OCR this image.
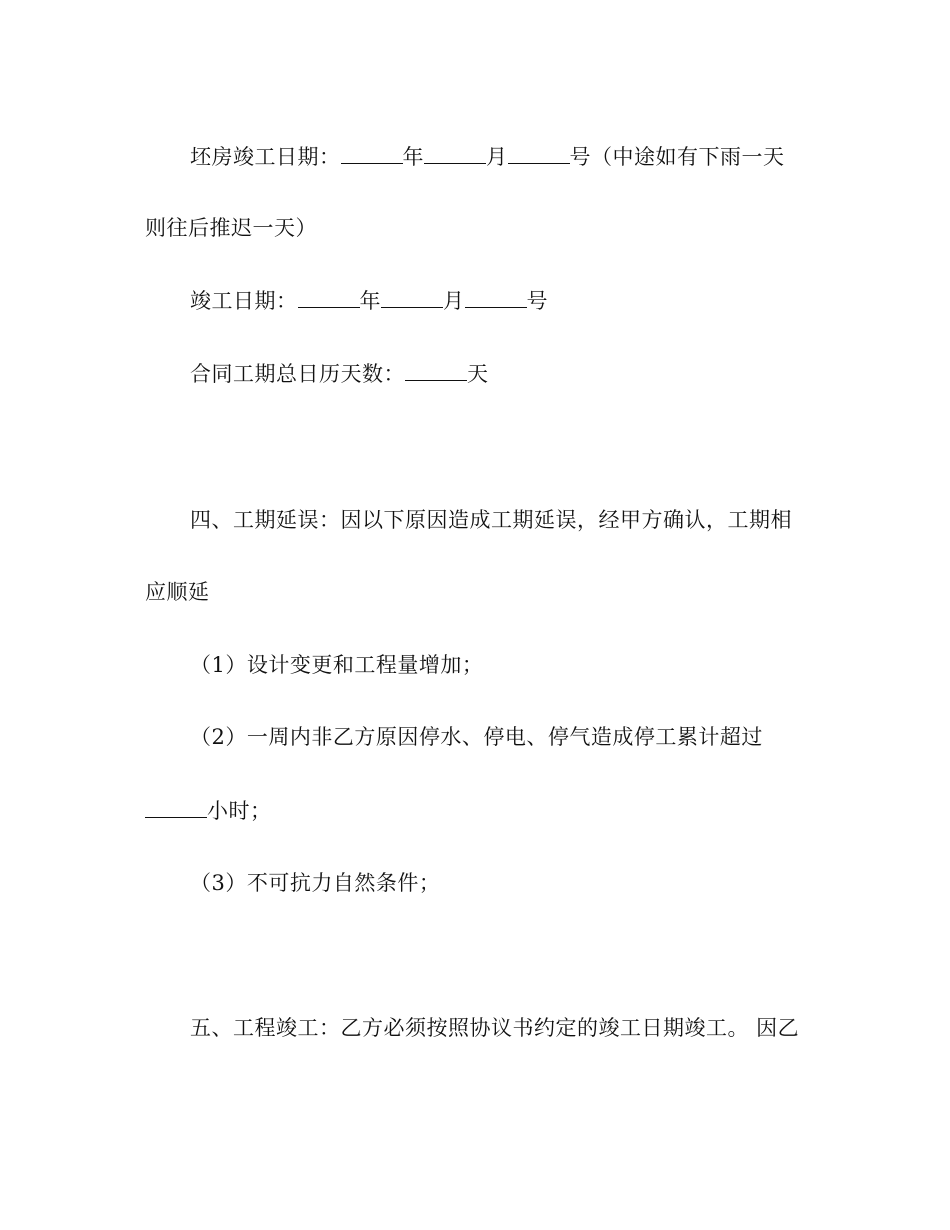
坯房竣工日期：	年	月	号（中途如有下雨一天
则往后推迟一天）
竣工日期：	年	月	号
合同工期总日历天数：	天
四、工期延误：因以下原因造成工期延误，经甲方确认，工期相
应顺延
（1）设计变更和工程量增加；
（2）一周内非乙方原因停水、停电、停气造成停工累计超过
小时；
（3）不可抗力自然条件；
五、工程竣工：乙方必须按照协议书约定的竣工日期竣工。 因乙
